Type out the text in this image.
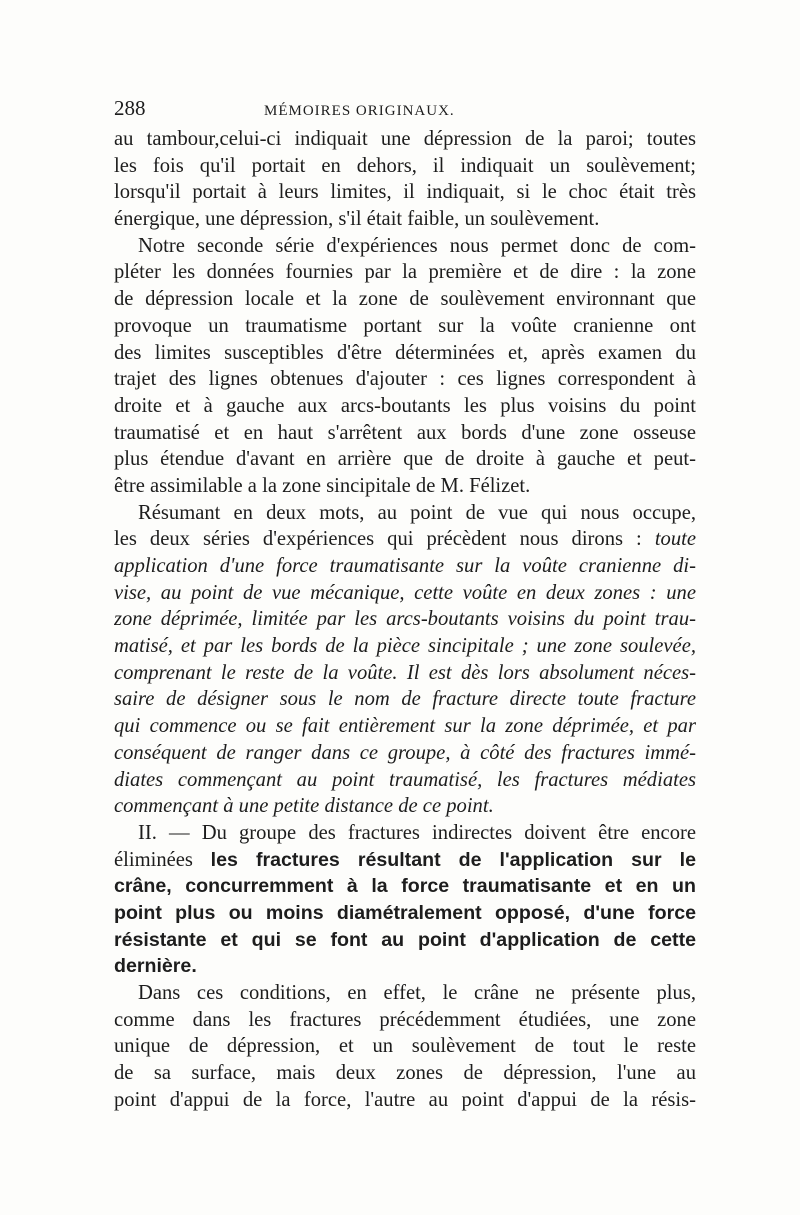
288	MÉMOIRES ORIGINAUX.
au tambour,celui-ci indiquait une dépression de la paroi; toutes
les fois qu'il portait en dehors, il indiquait un soulèvement;
lorsqu'il portait à leurs limites, il indiquait, si le choc était très
énergique, une dépression, s'il était faible, un soulèvement.
Notre seconde série d'expériences nous permet donc de com-
pléter les données fournies par la première et de dire : la zone
de dépression locale et la zone de soulèvement environnant que
provoque un traumatisme portant sur la voûte cranienne ont
des limites susceptibles d'être déterminées et, après examen du
trajet des lignes obtenues d'ajouter : ces lignes correspondent à
droite et à gauche aux arcs-boutants les plus voisins du point
traumatisé et en haut s'arrêtent aux bords d'une zone osseuse
plus étendue d'avant en arrière que de droite à gauche et peut-
être assimilable a la zone sincipitale de M. Félizet.
Résumant en deux mots, au point de vue qui nous occupe,
les deux séries d'expériences qui précèdent nous dirons : toute
application d'une force traumatisante sur la voûte cranienne di-
vise, au point de vue mécanique, cette voûte en deux zones : une
zone déprimée, limitée par les arcs-boutants voisins du point trau-
matisé, et par les bords de la pièce sincipitale ; une zone soulevée,
comprenant le reste de la voûte. Il est dès lors absolument néces-
saire de désigner sous le nom de fracture directe toute fracture
qui commence ou se fait entièrement sur la zone déprimée, et par
conséquent de ranger dans ce groupe, à côté des fractures immé-
diates commençant au point traumatisé, les fractures médiates
commençant à une petite distance de ce point.
II. — Du groupe des fractures indirectes doivent être encore
éliminées les fractures résultant de l'application sur le
crâne, concurremment à la force traumatisante et en un
point plus ou moins diamétralement opposé, d'une force
résistante et qui se font au point d'application de cette
dernière.
Dans ces conditions, en effet, le crâne ne présente plus,
comme dans les fractures précédemment étudiées, une zone
unique de dépression, et un soulèvement de tout le reste
de sa surface, mais deux zones de dépression, l'une au
point d'appui de la force, l'autre au point d'appui de la résis-
